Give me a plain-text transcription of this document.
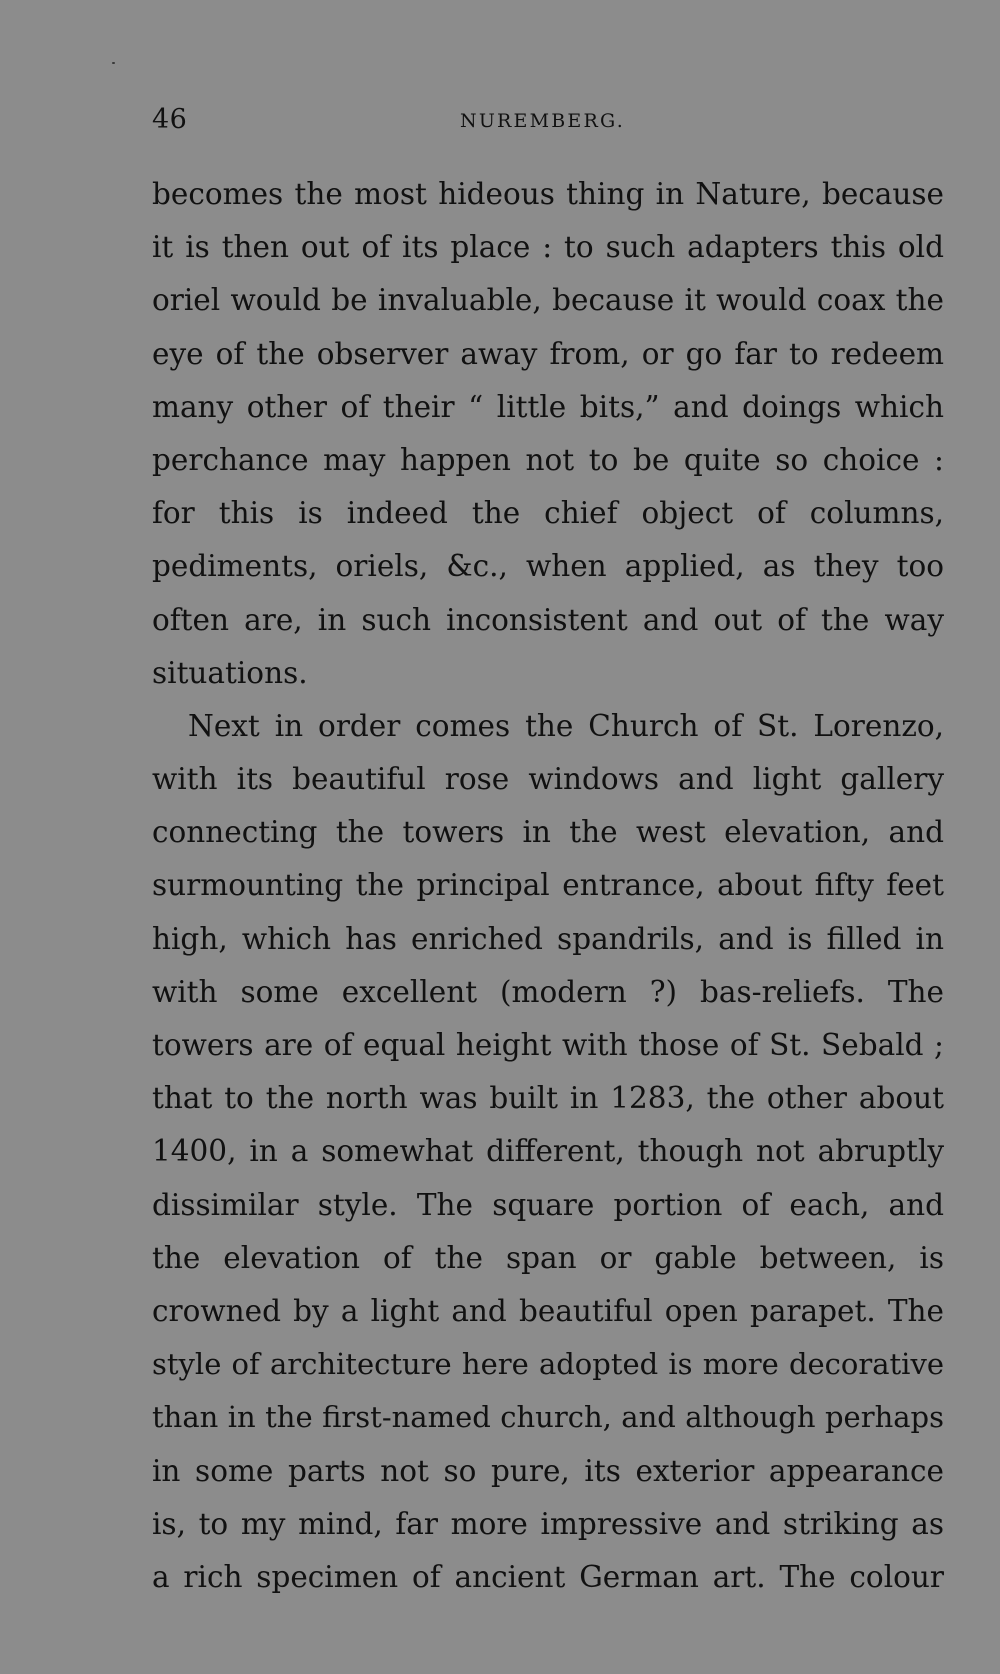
46	NUREMBERG.
becomes the most hideous thing in Nature, because
it is then out of its place : to such adapters this old
oriel would be invaluable, because it would coax the
eye of the observer away from, or go far to redeem
many other of their “ little bits,” and doings which
perchance may happen not to be quite so choice :
for this is indeed the chief object of columns,
pediments, oriels, &c., when applied, as they too
often are, in such inconsistent and out of the way
situations.
Next in order comes the Church of St. Lorenzo,
with its beautiful rose windows and light gallery
connecting the towers in the west elevation, and
surmounting the principal entrance, about fifty feet
high, which has enriched spandrils, and is filled in
with some excellent (modern ?) bas-reliefs. The
towers are of equal height with those of St. Sebald ;
that to the north was built in 1283, the other about
1400, in a somewhat different, though not abruptly
dissimilar style. The square portion of each, and
the elevation of the span or gable between, is
crowned by a light and beautiful open parapet. The
style of architecture here adopted is more decorative
than in the first-named church, and although perhaps
in some parts not so pure, its exterior appearance
is, to my mind, far more impressive and striking as
a rich specimen of ancient German art. The colour
